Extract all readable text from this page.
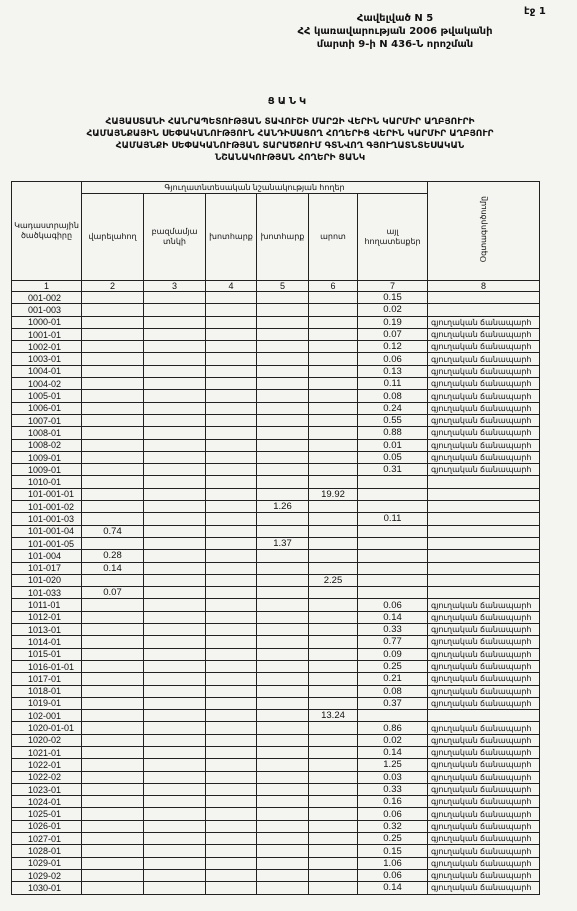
էջ 1
Հավելված N 5
ՀՀ կառավարության 2006 թվականի
մարտի 9-ի N 436-Ն որոշման
ՑԱՆԿ
ՀԱՅԱՍՏԱՆԻ ՀԱՆՐԱՊԵՏՈՒԹՅԱՆ ՏԱՎՈՒՇԻ ՄԱՐԶԻ ՎԵՐԻՆ ԿԱՐՄԻՐ ԱՂԲՅՈՒՐԻ
ՀԱՄԱՅՆՔԱՅԻՆ ՍԵՓԱԿԱՆՈՒԹՅՈՒՆ ՀԱՆԴԻՍԱՑՈՂ ՀՈՂԵՐԻՑ ՎԵՐԻՆ ԿԱՐՄԻՐ ԱՂԲՅՈՒՐ
ՀԱՄԱՅՆՔԻ ՍԵՓԱԿԱՆՈՒԹՅԱՆ ՏԱՐԱԾՔՈՒՄ ԳՏՆՎՈՂ ԳՅՈՒՂԱՏՆՏԵՍԱԿԱՆ
ՆՇԱՆԱԿՈՒԹՅԱՆ ՀՈՂԵՐԻ ՑԱՆԿ
Կադաստրային ծածկագիրը	Գյուղատնտեսական նշանակության հողեր						Օգտագործումը
	վարելահող	բազմամյա տնկի	խոտհարք	խոտհարք	արոտ	այլ հողատեսքեր	
1	2	3	4	5	6	7	8
001-002						0.15	
001-003						0.02	
1000-01						0.19	գյուղական ճանապարհ
1001-01						0.07	գյուղական ճանապարհ
1002-01						0.12	գյուղական ճանապարհ
1003-01						0.06	գյուղական ճանապարհ
1004-01						0.13	գյուղական ճանապարհ
1004-02						0.11	գյուղական ճանապարհ
1005-01						0.08	գյուղական ճանապարհ
1006-01						0.24	գյուղական ճանապարհ
1007-01						0.55	գյուղական ճանապարհ
1008-01						0.88	գյուղական ճանապարհ
1008-02						0.01	գյուղական ճանապարհ
1009-01						0.05	գյուղական ճանապարհ
1009-01						0.31	գյուղական ճանապարհ
1010-01							
101-001-01					19.92		
101-001-02				1.26			
101-001-03						0.11	
101-001-04	0.74						
101-001-05				1.37			
101-004	0.28						
101-017	0.14						
101-020					2.25		
101-033	0.07						
1011-01						0.06	գյուղական ճանապարհ
1012-01						0.14	գյուղական ճանապարհ
1013-01						0.33	գյուղական ճանապարհ
1014-01						0.77	գյուղական ճանապարհ
1015-01						0.09	գյուղական ճանապարհ
1016-01-01						0.25	գյուղական ճանապարհ
1017-01						0.21	գյուղական ճանապարհ
1018-01						0.08	գյուղական ճանապարհ
1019-01						0.37	գյուղական ճանապարհ
102-001					13.24		
1020-01-01						0.86	գյուղական ճանապարհ
1020-02						0.02	գյուղական ճանապարհ
1021-01						0.14	գյուղական ճանապարհ
1022-01						1.25	գյուղական ճանապարհ
1022-02						0.03	գյուղական ճանապարհ
1023-01						0.33	գյուղական ճանապարհ
1024-01						0.16	գյուղական ճանապարհ
1025-01						0.06	գյուղական ճանապարհ
1026-01						0.32	գյուղական ճանապարհ
1027-01						0.25	գյուղական ճանապարհ
1028-01						0.15	գյուղական ճանապարհ
1029-01						1.06	գյուղական ճանապարհ
1029-02						0.06	գյուղական ճանապարհ
1030-01						0.14	գյուղական ճանապարհ
